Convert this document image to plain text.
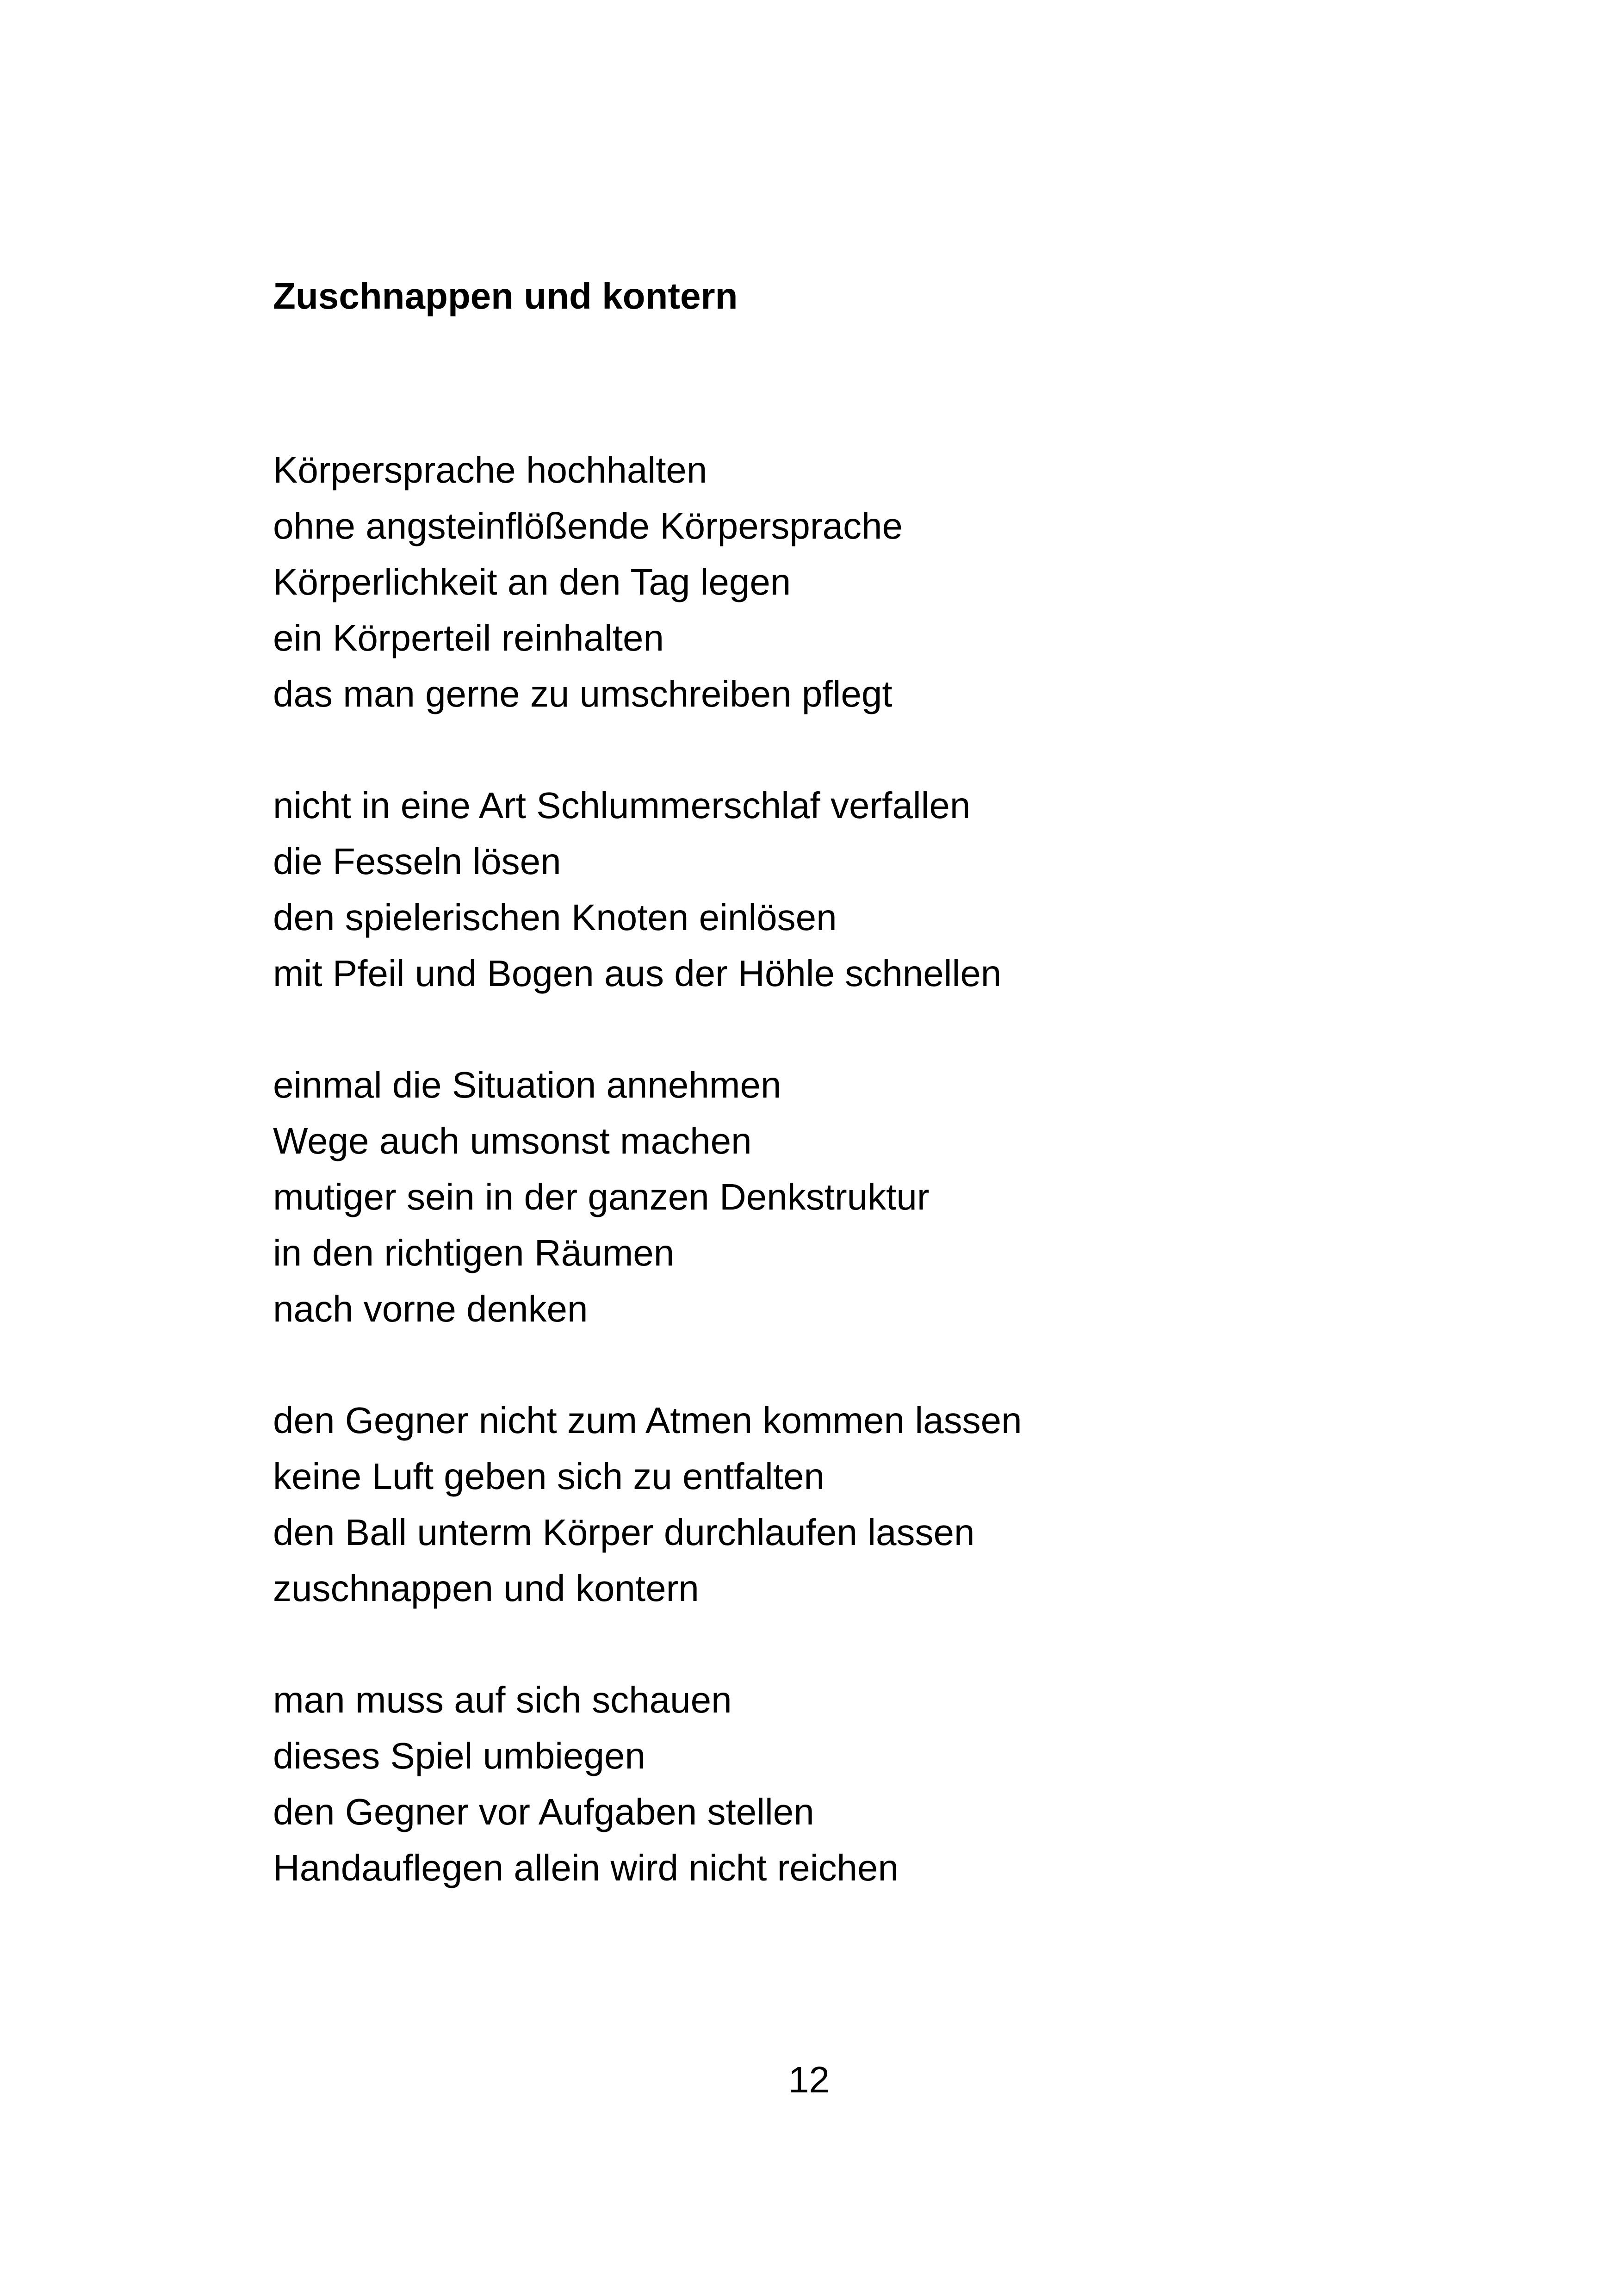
Zuschnappen und kontern
Körpersprache hochhalten
ohne angsteinflößende Körpersprache
Körperlichkeit an den Tag legen
ein Körperteil reinhalten
das man gerne zu umschreiben pflegt
nicht in eine Art Schlummerschlaf verfallen
die Fesseln lösen
den spielerischen Knoten einlösen
mit Pfeil und Bogen aus der Höhle schnellen
einmal die Situation annehmen
Wege auch umsonst machen
mutiger sein in der ganzen Denkstruktur
in den richtigen Räumen
nach vorne denken
den Gegner nicht zum Atmen kommen lassen
keine Luft geben sich zu entfalten
den Ball unterm Körper durchlaufen lassen
zuschnappen und kontern
man muss auf sich schauen
dieses Spiel umbiegen
den Gegner vor Aufgaben stellen
Handauflegen allein wird nicht reichen
12
